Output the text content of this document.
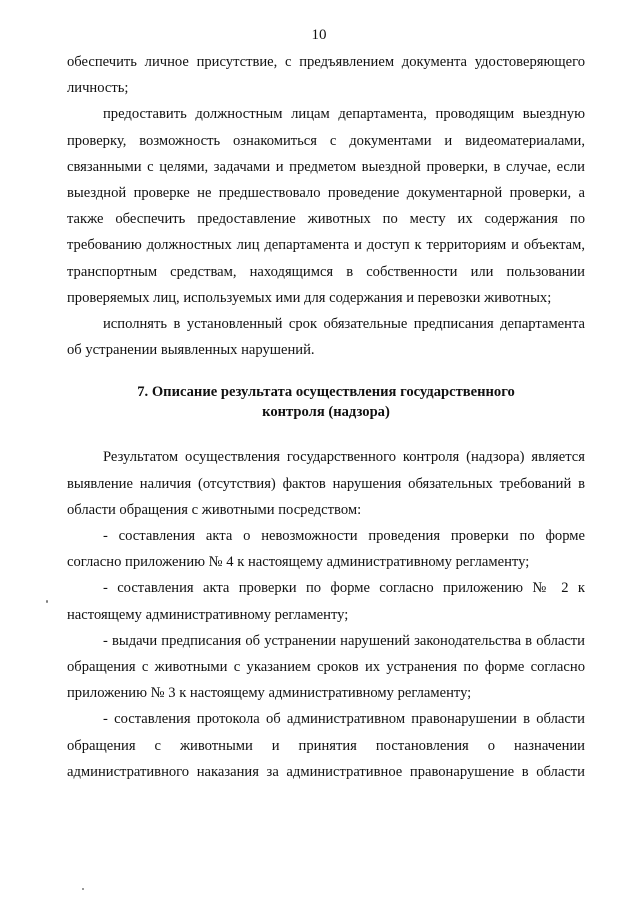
10

обеспечить личное присутствие, с предъявлением документа удостоверяющего личность;

предоставить должностным лицам департамента, проводящим выездную проверку, возможность ознакомиться с документами и видеоматериалами, связанными с целями, задачами и предметом выездной проверки, в случае, если выездной проверке не предшествовало проведение документарной проверки, а также обеспечить предоставление животных по месту их содержания по требованию должностных лиц департамента и доступ к территориям и объектам, транспортным средствам, находящимся в собственности или пользовании проверяемых лиц, используемых ими для содержания и перевозки животных;

исполнять в установленный срок обязательные предписания департамента об устранении выявленных нарушений.

7. Описание результата осуществления государственного
контроля (надзора)

Результатом осуществления государственного контроля (надзора) является выявление наличия (отсутствия) фактов нарушения обязательных требований в области обращения с животными посредством:

- составления акта о невозможности проведения проверки по форме согласно приложению № 4 к настоящему административному регламенту;

- составления акта проверки по форме согласно приложению № 2 к настоящему административному регламенту;

- выдачи предписания об устранении нарушений законодательства в области обращения с животными с указанием сроков их устранения по форме согласно приложению № 3 к настоящему административному регламенту;

- составления протокола об административном правонарушении в области обращения с животными и принятия постановления о назначении административного наказания за административное правонарушение в области
